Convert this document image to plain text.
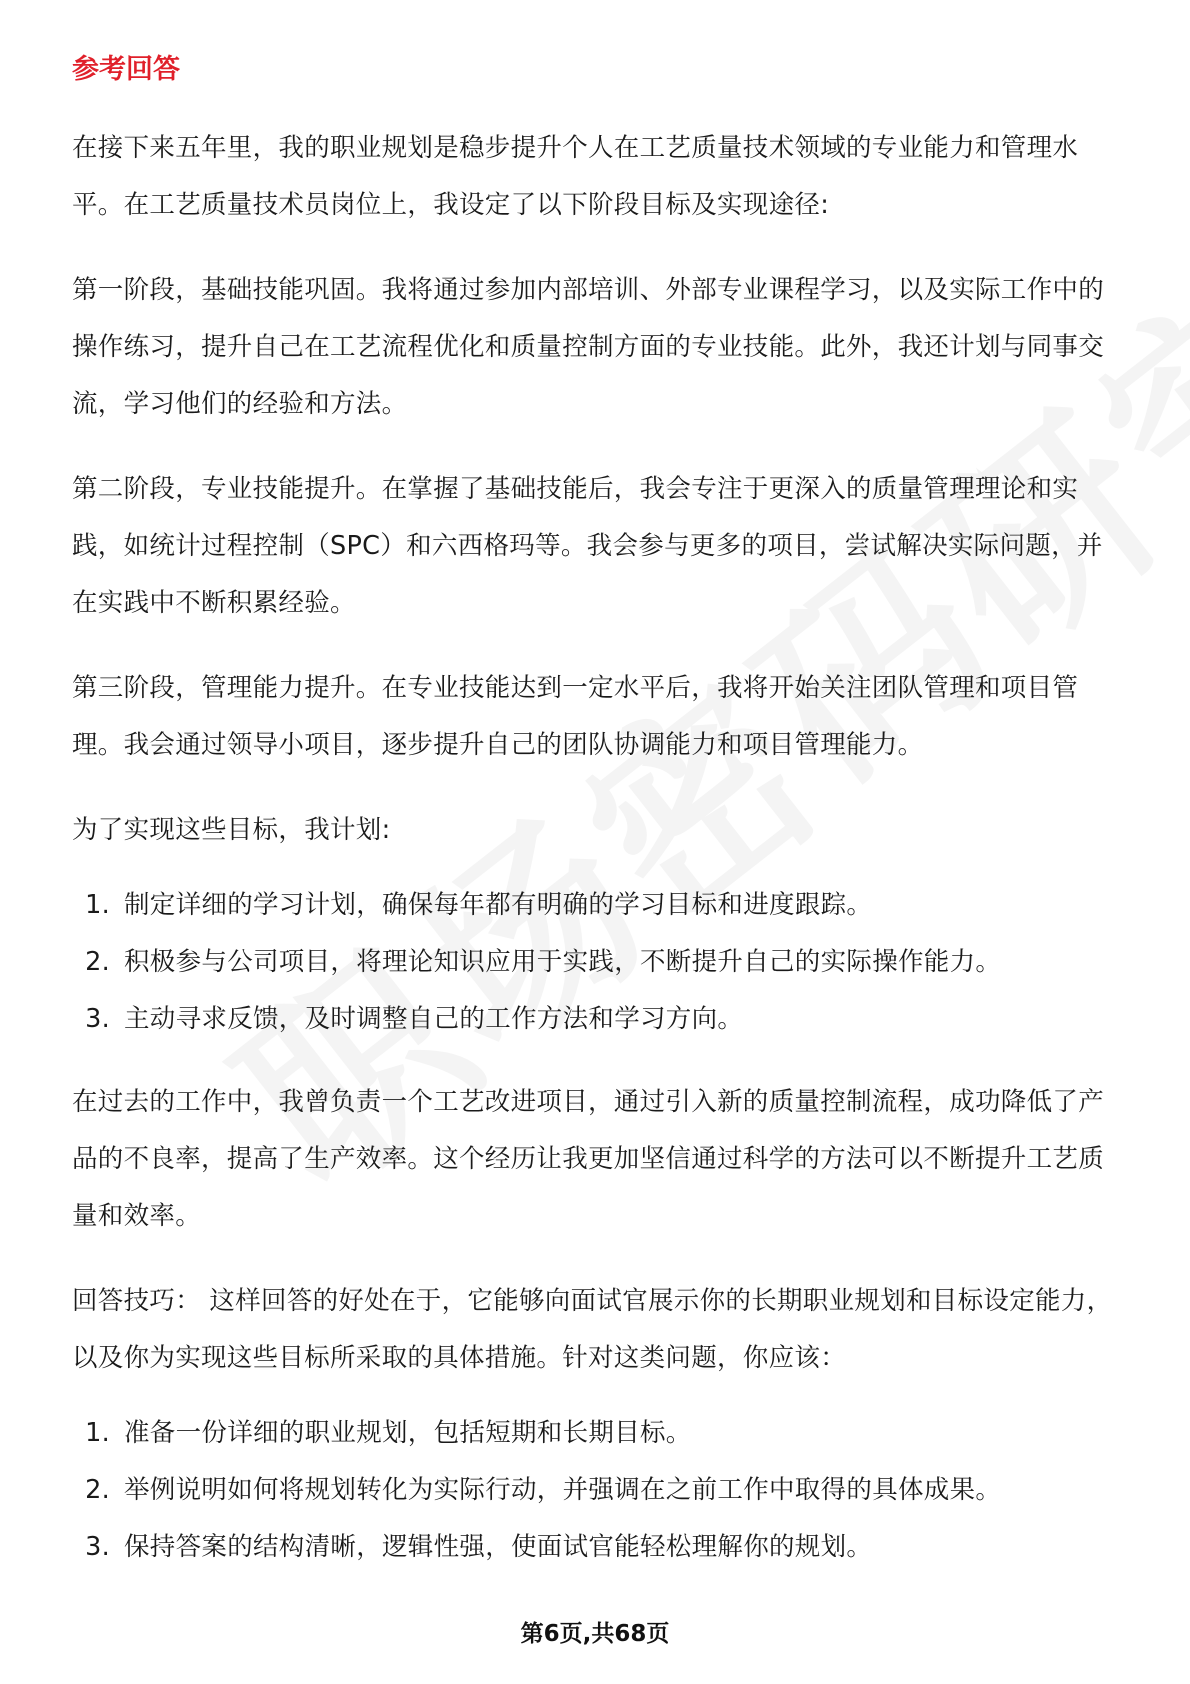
参考回答

在接下来五年里，我的职业规划是稳步提升个人在工艺质量技术领域的专业能力和管理水平。在工艺质量技术员岗位上，我设定了以下阶段目标及实现途径:

第一阶段，基础技能巩固。我将通过参加内部培训、外部专业课程学习，以及实际工作中的操作练习，提升自己在工艺流程优化和质量控制方面的专业技能。此外，我还计划与同事交流，学习他们的经验和方法。

第二阶段，专业技能提升。在掌握了基础技能后，我会专注于更深入的质量管理理论和实践，如统计过程控制（SPC）和六西格玛等。我会参与更多的项目，尝试解决实际问题，并在实践中不断积累经验。

第三阶段，管理能力提升。在专业技能达到一定水平后，我将开始关注团队管理和项目管理。我会通过领导小项目，逐步提升自己的团队协调能力和项目管理能力。

为了实现这些目标，我计划:

1. 制定详细的学习计划，确保每年都有明确的学习目标和进度跟踪。
2. 积极参与公司项目，将理论知识应用于实践，不断提升自己的实际操作能力。
3. 主动寻求反馈，及时调整自己的工作方法和学习方向。

在过去的工作中，我曾负责一个工艺改进项目，通过引入新的质量控制流程，成功降低了产品的不良率，提高了生产效率。这个经历让我更加坚信通过科学的方法可以不断提升工艺质量和效率。

回答技巧： 这样回答的好处在于，它能够向面试官展示你的长期职业规划和目标设定能力，以及你为实现这些目标所采取的具体措施。针对这类问题，你应该：

1. 准备一份详细的职业规划，包括短期和长期目标。
2. 举例说明如何将规划转化为实际行动，并强调在之前工作中取得的具体成果。
3. 保持答案的结构清晰，逻辑性强，使面试官能轻松理解你的规划。
第6页,共68页
